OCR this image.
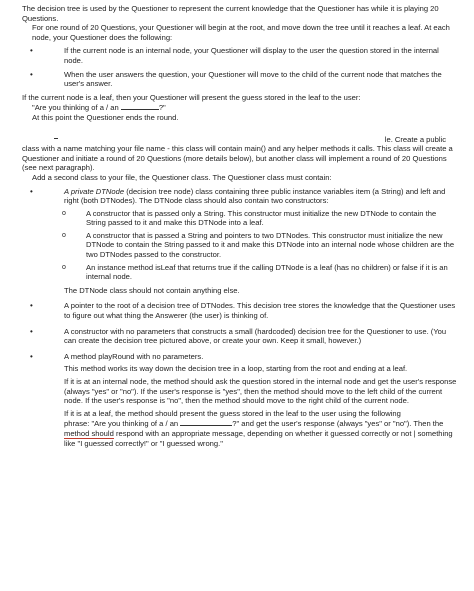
The decision tree is used by the Questioner to represent the current knowledge that the Questioner has while it is playing 20 Questions.

For one round of 20 Questions, your Questioner will begin at the root, and move down the tree until it reaches a leaf. At each node, your Questioner does the following:

•	If the current node is an internal node, your Questioner will display to the user the question stored in the internal node.
•	When the user answers the question, your Questioner will move to the child of the current node that matches the user's answer.

If the current node is a leaf, then your Questioner will present the guess stored in the leaf to the user:

"Are you thinking of a / an	?"

At this point the Questioner ends the round.

le. Create a public

class with a name matching your file name - this class will contain main() and any helper methods it calls. This class will create a Questioner and initiate a round of 20 Questions (more details below), but another class will implement a round of 20 Questions (see next paragraph).

Add a second class to your file, the Questioner class. The Questioner class must contain:

•	A private DTNode (decision tree node) class containing three public instance variables item (a String) and left and right (both DTNodes). The DTNode class should also contain two constructors:
o	A constructor that is passed only a String. This constructor must initialize the new DTNode to contain the String passed to it and make this DTNode into a leaf.
o	A constructor that is passed a String and pointers to two DTNodes. This constructor must initialize the new DTNode to contain the String passed to it and make this DTNode into an internal node whose children are the two DTNodes passed to the constructor.
o	An instance method isLeaf that returns true if the calling DTNode is a leaf (has no children) or false if it is an internal node.

The DTNode class should not contain anything else.

•	A pointer to the root of a decision tree of DTNodes. This decision tree stores the knowledge that the Questioner uses to figure out what thing the Answerer (the user) is thinking of.
•	A constructor with no parameters that constructs a small (hardcoded) decision tree for the Questioner to use. (You can create the decision tree pictured above, or create your own. Keep it small, however.)
•	A method playRound with no parameters.

This method works its way down the decision tree in a loop, starting from the root and ending at a leaf.

If it is at an internal node, the method should ask the question stored in the internal node and get the user's response (always "yes" or "no"). If the user's response is "yes", then the method should move to the left child of the current node. If the user's response is "no", then the method should move to the right child of the current node.

If it is at a leaf, the method should present the guess stored in the leaf to the user using the following

phrase: "Are you thinking of a / an	?" and get the user's response (always "yes" or "no"). Then the method should respond with an appropriate message, depending on whether it guessed correctly or not | something like "I guessed correctly!" or "I guessed wrong."
